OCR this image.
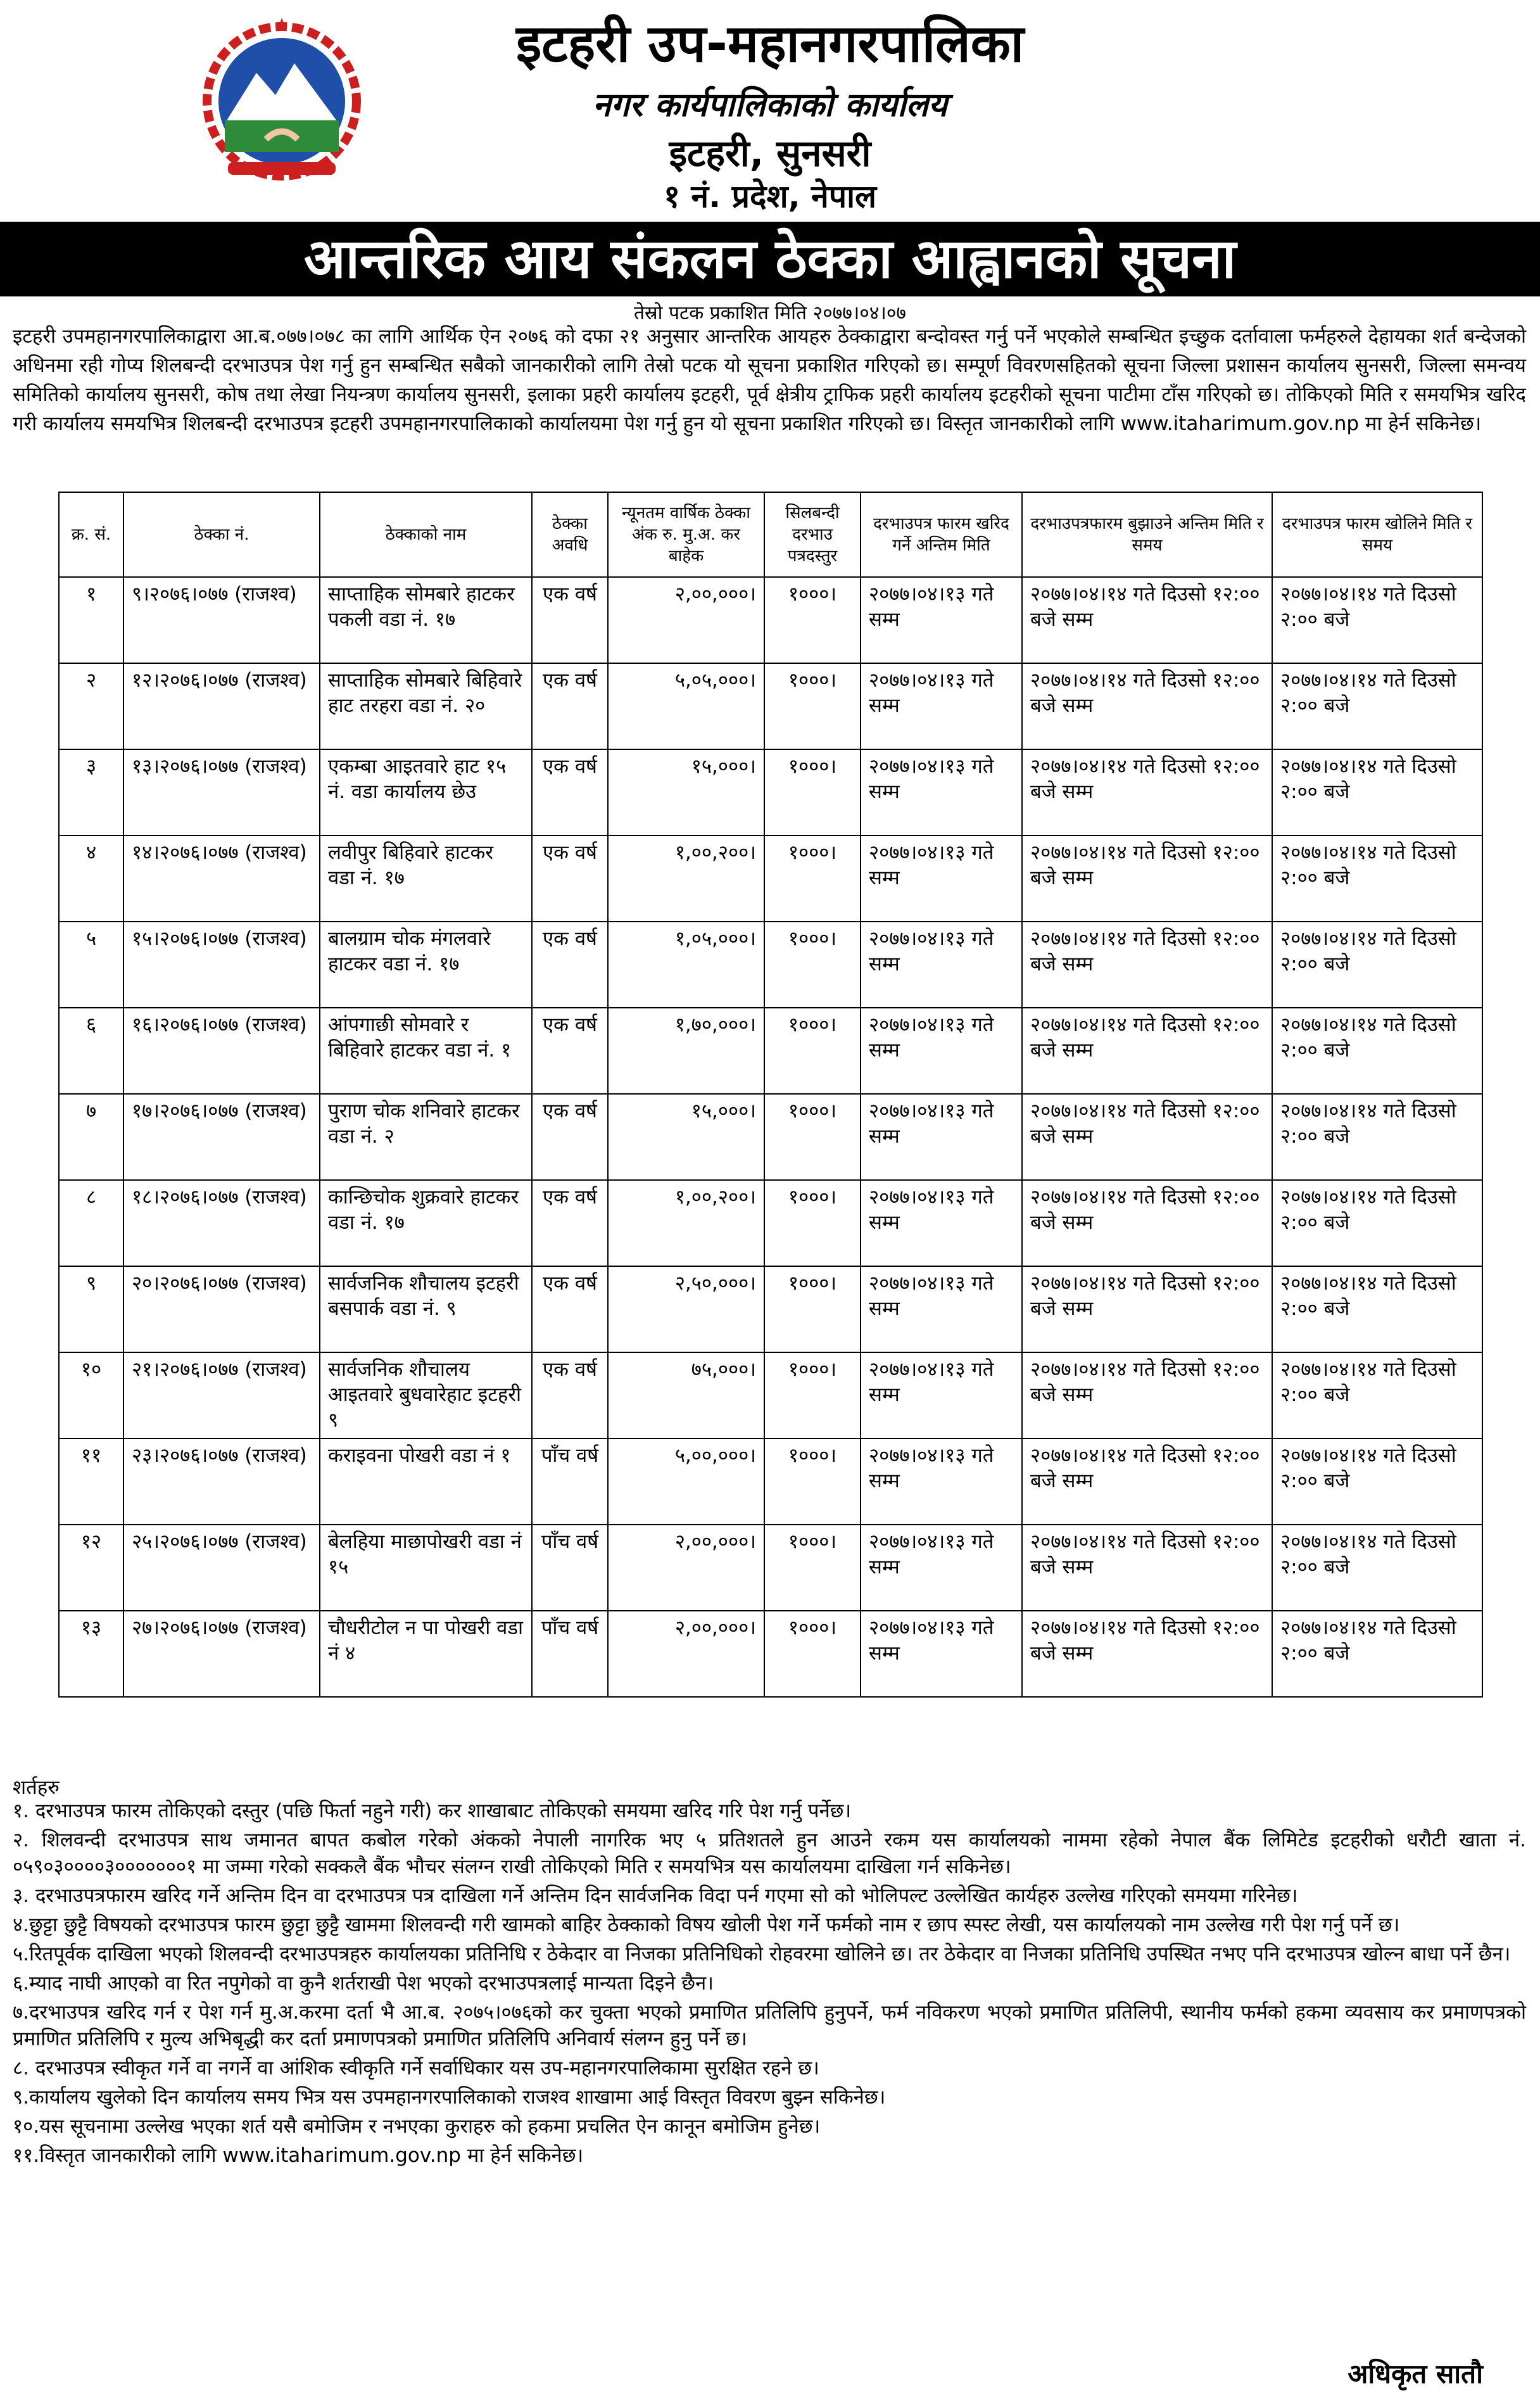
इटहरी उप-महानगरपालिका
नगर कार्यपालिकाको कार्यालय
इटहरी, सुनसरी
१ नं. प्रदेश, नेपाल
आन्तरिक आय संकलन ठेक्का आह्वानको सूचना
तेस्रो पटक प्रकाशित मिति २०७७।०४।०७
इटहरी उपमहानगरपालिकाद्वारा आ.ब.०७७।०७८ का लागि आर्थिक ऐन २०७६ को दफा २१ अनुसार आन्तरिक आयहरु ठेक्काद्वारा बन्दोवस्त गर्नु पर्ने भएकोले सम्बन्धित इच्छुक दर्तावाला फर्महरुले देहायका शर्त बन्देजको अधिनमा रही गोप्य शिलबन्दी दरभाउपत्र पेश गर्नु हुन सम्बन्धित सबैको जानकारीको लागि तेस्रो पटक यो सूचना प्रकाशित गरिएको छ। सम्पूर्ण विवरणसहितको सूचना जिल्ला प्रशासन कार्यालय सुनसरी, जिल्ला समन्वय समितिको कार्यालय सुनसरी, कोष तथा लेखा नियन्त्रण कार्यालय सुनसरी, इलाका प्रहरी कार्यालय इटहरी, पूर्व क्षेत्रीय ट्राफिक प्रहरी कार्यालय इटहरीको सूचना पाटीमा टाँस गरिएको छ। तोकिएको मिति र समयभित्र खरिद गरी कार्यालय समयभित्र शिलबन्दी दरभाउपत्र इटहरी उपमहानगरपालिकाको कार्यालयमा पेश गर्नु हुन यो सूचना प्रकाशित गरिएको छ। विस्तृत जानकारीको लागि www.itaharimum.gov.np मा हेर्न सकिनेछ।
क्र. सं.	ठेक्का नं.	ठेक्काको नाम	ठेक्का अवधि	न्यूनतम वार्षिक ठेक्का अंक रु. मु.अ. कर बाहेक	सिलबन्दी दरभाउ पत्रदस्तुर	दरभाउपत्र फारम खरिद गर्ने अन्तिम मिति	दरभाउपत्रफारम बुझाउने अन्तिम मिति र समय	दरभाउपत्र फारम खोलिने मिति र समय
१	९।२०७६।०७७ (राजश्व)	साप्ताहिक सोमबारे हाटकर पकली वडा नं. १७	एक वर्ष	२,००,०००।	१०००।	२०७७।०४।१३ गते सम्म	२०७७।०४।१४ गते दिउसो १२:०० बजे सम्म	२०७७।०४।१४ गते दिउसो २:०० बजे
२	१२।२०७६।०७७ (राजश्व)	साप्ताहिक सोमबारे बिहिवारे हाट तरहरा वडा नं. २०	एक वर्ष	५,०५,०००।	१०००।	२०७७।०४।१३ गते सम्म	२०७७।०४।१४ गते दिउसो १२:०० बजे सम्म	२०७७।०४।१४ गते दिउसो २:०० बजे
३	१३।२०७६।०७७ (राजश्व)	एकम्बा आइतवारे हाट १५ नं. वडा कार्यालय छेउ	एक वर्ष	१५,०००।	१०००।	२०७७।०४।१३ गते सम्म	२०७७।०४।१४ गते दिउसो १२:०० बजे सम्म	२०७७।०४।१४ गते दिउसो २:०० बजे
४	१४।२०७६।०७७ (राजश्व)	लवीपुर बिहिवारे हाटकर वडा नं. १७	एक वर्ष	१,००,२००।	१०००।	२०७७।०४।१३ गते सम्म	२०७७।०४।१४ गते दिउसो १२:०० बजे सम्म	२०७७।०४।१४ गते दिउसो २:०० बजे
५	१५।२०७६।०७७ (राजश्व)	बालग्राम चोक मंगलवारे हाटकर वडा नं. १७	एक वर्ष	१,०५,०००।	१०००।	२०७७।०४।१३ गते सम्म	२०७७।०४।१४ गते दिउसो १२:०० बजे सम्म	२०७७।०४।१४ गते दिउसो २:०० बजे
६	१६।२०७६।०७७ (राजश्व)	आंपगाछी सोमवारे र बिहिवारे हाटकर वडा नं. १	एक वर्ष	१,७०,०००।	१०००।	२०७७।०४।१३ गते सम्म	२०७७।०४।१४ गते दिउसो १२:०० बजे सम्म	२०७७।०४।१४ गते दिउसो २:०० बजे
७	१७।२०७६।०७७ (राजश्व)	पुराण चोक शनिवारे हाटकर वडा नं. २	एक वर्ष	१५,०००।	१०००।	२०७७।०४।१३ गते सम्म	२०७७।०४।१४ गते दिउसो १२:०० बजे सम्म	२०७७।०४।१४ गते दिउसो २:०० बजे
८	१८।२०७६।०७७ (राजश्व)	कान्छिचोक शुक्रवारे हाटकर वडा नं. १७	एक वर्ष	१,००,२००।	१०००।	२०७७।०४।१३ गते सम्म	२०७७।०४।१४ गते दिउसो १२:०० बजे सम्म	२०७७।०४।१४ गते दिउसो २:०० बजे
९	२०।२०७६।०७७ (राजश्व)	सार्वजनिक शौचालय इटहरी बसपार्क वडा नं. ९	एक वर्ष	२,५०,०००।	१०००।	२०७७।०४।१३ गते सम्म	२०७७।०४।१४ गते दिउसो १२:०० बजे सम्म	२०७७।०४।१४ गते दिउसो २:०० बजे
१०	२१।२०७६।०७७ (राजश्व)	सार्वजनिक शौचालय आइतवारे बुधवारेहाट इटहरी ९	एक वर्ष	७५,०००।	१०००।	२०७७।०४।१३ गते सम्म	२०७७।०४।१४ गते दिउसो १२:०० बजे सम्म	२०७७।०४।१४ गते दिउसो २:०० बजे
११	२३।२०७६।०७७ (राजश्व)	कराइवना पोखरी वडा नं १	पाँच वर्ष	५,००,०००।	१०००।	२०७७।०४।१३ गते सम्म	२०७७।०४।१४ गते दिउसो १२:०० बजे सम्म	२०७७।०४।१४ गते दिउसो २:०० बजे
१२	२५।२०७६।०७७ (राजश्व)	बेलहिया माछापोखरी वडा नं १५	पाँच वर्ष	२,००,०००।	१०००।	२०७७।०४।१३ गते सम्म	२०७७।०४।१४ गते दिउसो १२:०० बजे सम्म	२०७७।०४।१४ गते दिउसो २:०० बजे
१३	२७।२०७६।०७७ (राजश्व)	चौधरीटोल न पा पोखरी वडा नं ४	पाँच वर्ष	२,००,०००।	१०००।	२०७७।०४।१३ गते सम्म	२०७७।०४।१४ गते दिउसो १२:०० बजे सम्म	२०७७।०४।१४ गते दिउसो २:०० बजे
शर्तहरु
१. दरभाउपत्र फारम तोकिएको दस्तुर (पछि फिर्ता नहुने गरी) कर शाखाबाट तोकिएको समयमा खरिद गरि पेश गर्नु पर्नेछ।
२. शिलवन्दी दरभाउपत्र साथ जमानत बापत कबोल गरेको अंकको नेपाली नागरिक भए ५ प्रतिशतले हुन आउने रकम यस कार्यालयको नाममा रहेको नेपाल बैंक लिमिटेड इटहरीको धरौटी खाता नं. ०५९०३००००३०००००००१ मा जम्मा गरेको सक्कलै बैंक भौचर संलग्न राखी तोकिएको मिति र समयभित्र यस कार्यालयमा दाखिला गर्न सकिनेछ।
३. दरभाउपत्रफारम खरिद गर्ने अन्तिम दिन वा दरभाउपत्र पत्र दाखिला गर्ने अन्तिम दिन सार्वजनिक विदा पर्न गएमा सो को भोलिपल्ट उल्लेखित कार्यहरु उल्लेख गरिएको समयमा गरिनेछ।
४.छुट्टा छुट्टै विषयको दरभाउपत्र फारम छुट्टा छुट्टै खाममा शिलवन्दी गरी खामको बाहिर ठेक्काको विषय खोली पेश गर्ने फर्मको नाम र छाप स्पस्ट लेखी, यस कार्यालयको नाम उल्लेख गरी पेश गर्नु पर्ने छ।
५.रितपूर्वक दाखिला भएको शिलवन्दी दरभाउपत्रहरु कार्यालयका प्रतिनिधि र ठेकेदार वा निजका प्रतिनिधिको रोहवरमा खोलिने छ। तर ठेकेदार वा निजका प्रतिनिधि उपस्थित नभए पनि दरभाउपत्र खोल्न बाधा पर्ने छैन।
६.म्याद नाघी आएको वा रित नपुगेको वा कुनै शर्तराखी पेश भएको दरभाउपत्रलाई मान्यता दिइने छैन।
७.दरभाउपत्र खरिद गर्न र पेश गर्न मु.अ.करमा दर्ता भै आ.ब. २०७५।०७६को कर चुक्ता भएको प्रमाणित प्रतिलिपि हुनुपर्ने, फर्म नविकरण भएको प्रमाणित प्रतिलिपी, स्थानीय फर्मको हकमा व्यवसाय कर प्रमाणपत्रको प्रमाणित प्रतिलिपि र मुल्य अभिबृद्धी कर दर्ता प्रमाणपत्रको प्रमाणित प्रतिलिपि अनिवार्य संलग्न हुनु पर्ने छ।
८. दरभाउपत्र स्वीकृत गर्ने वा नगर्ने वा आंशिक स्वीकृति गर्ने सर्वाधिकार यस उप-महानगरपालिकामा सुरक्षित रहने छ।
९.कार्यालय खुलेको दिन कार्यालय समय भित्र यस उपमहानगरपालिकाको राजश्व शाखामा आई विस्तृत विवरण बुझ्न सकिनेछ।
१०.यस सूचनामा उल्लेख भएका शर्त यसै बमोजिम र नभएका कुराहरु को हकमा प्रचलित ऐन कानून बमोजिम हुनेछ।
११.विस्तृत जानकारीको लागि www.itaharimum.gov.np मा हेर्न सकिनेछ।
अधिकृत सातौ
